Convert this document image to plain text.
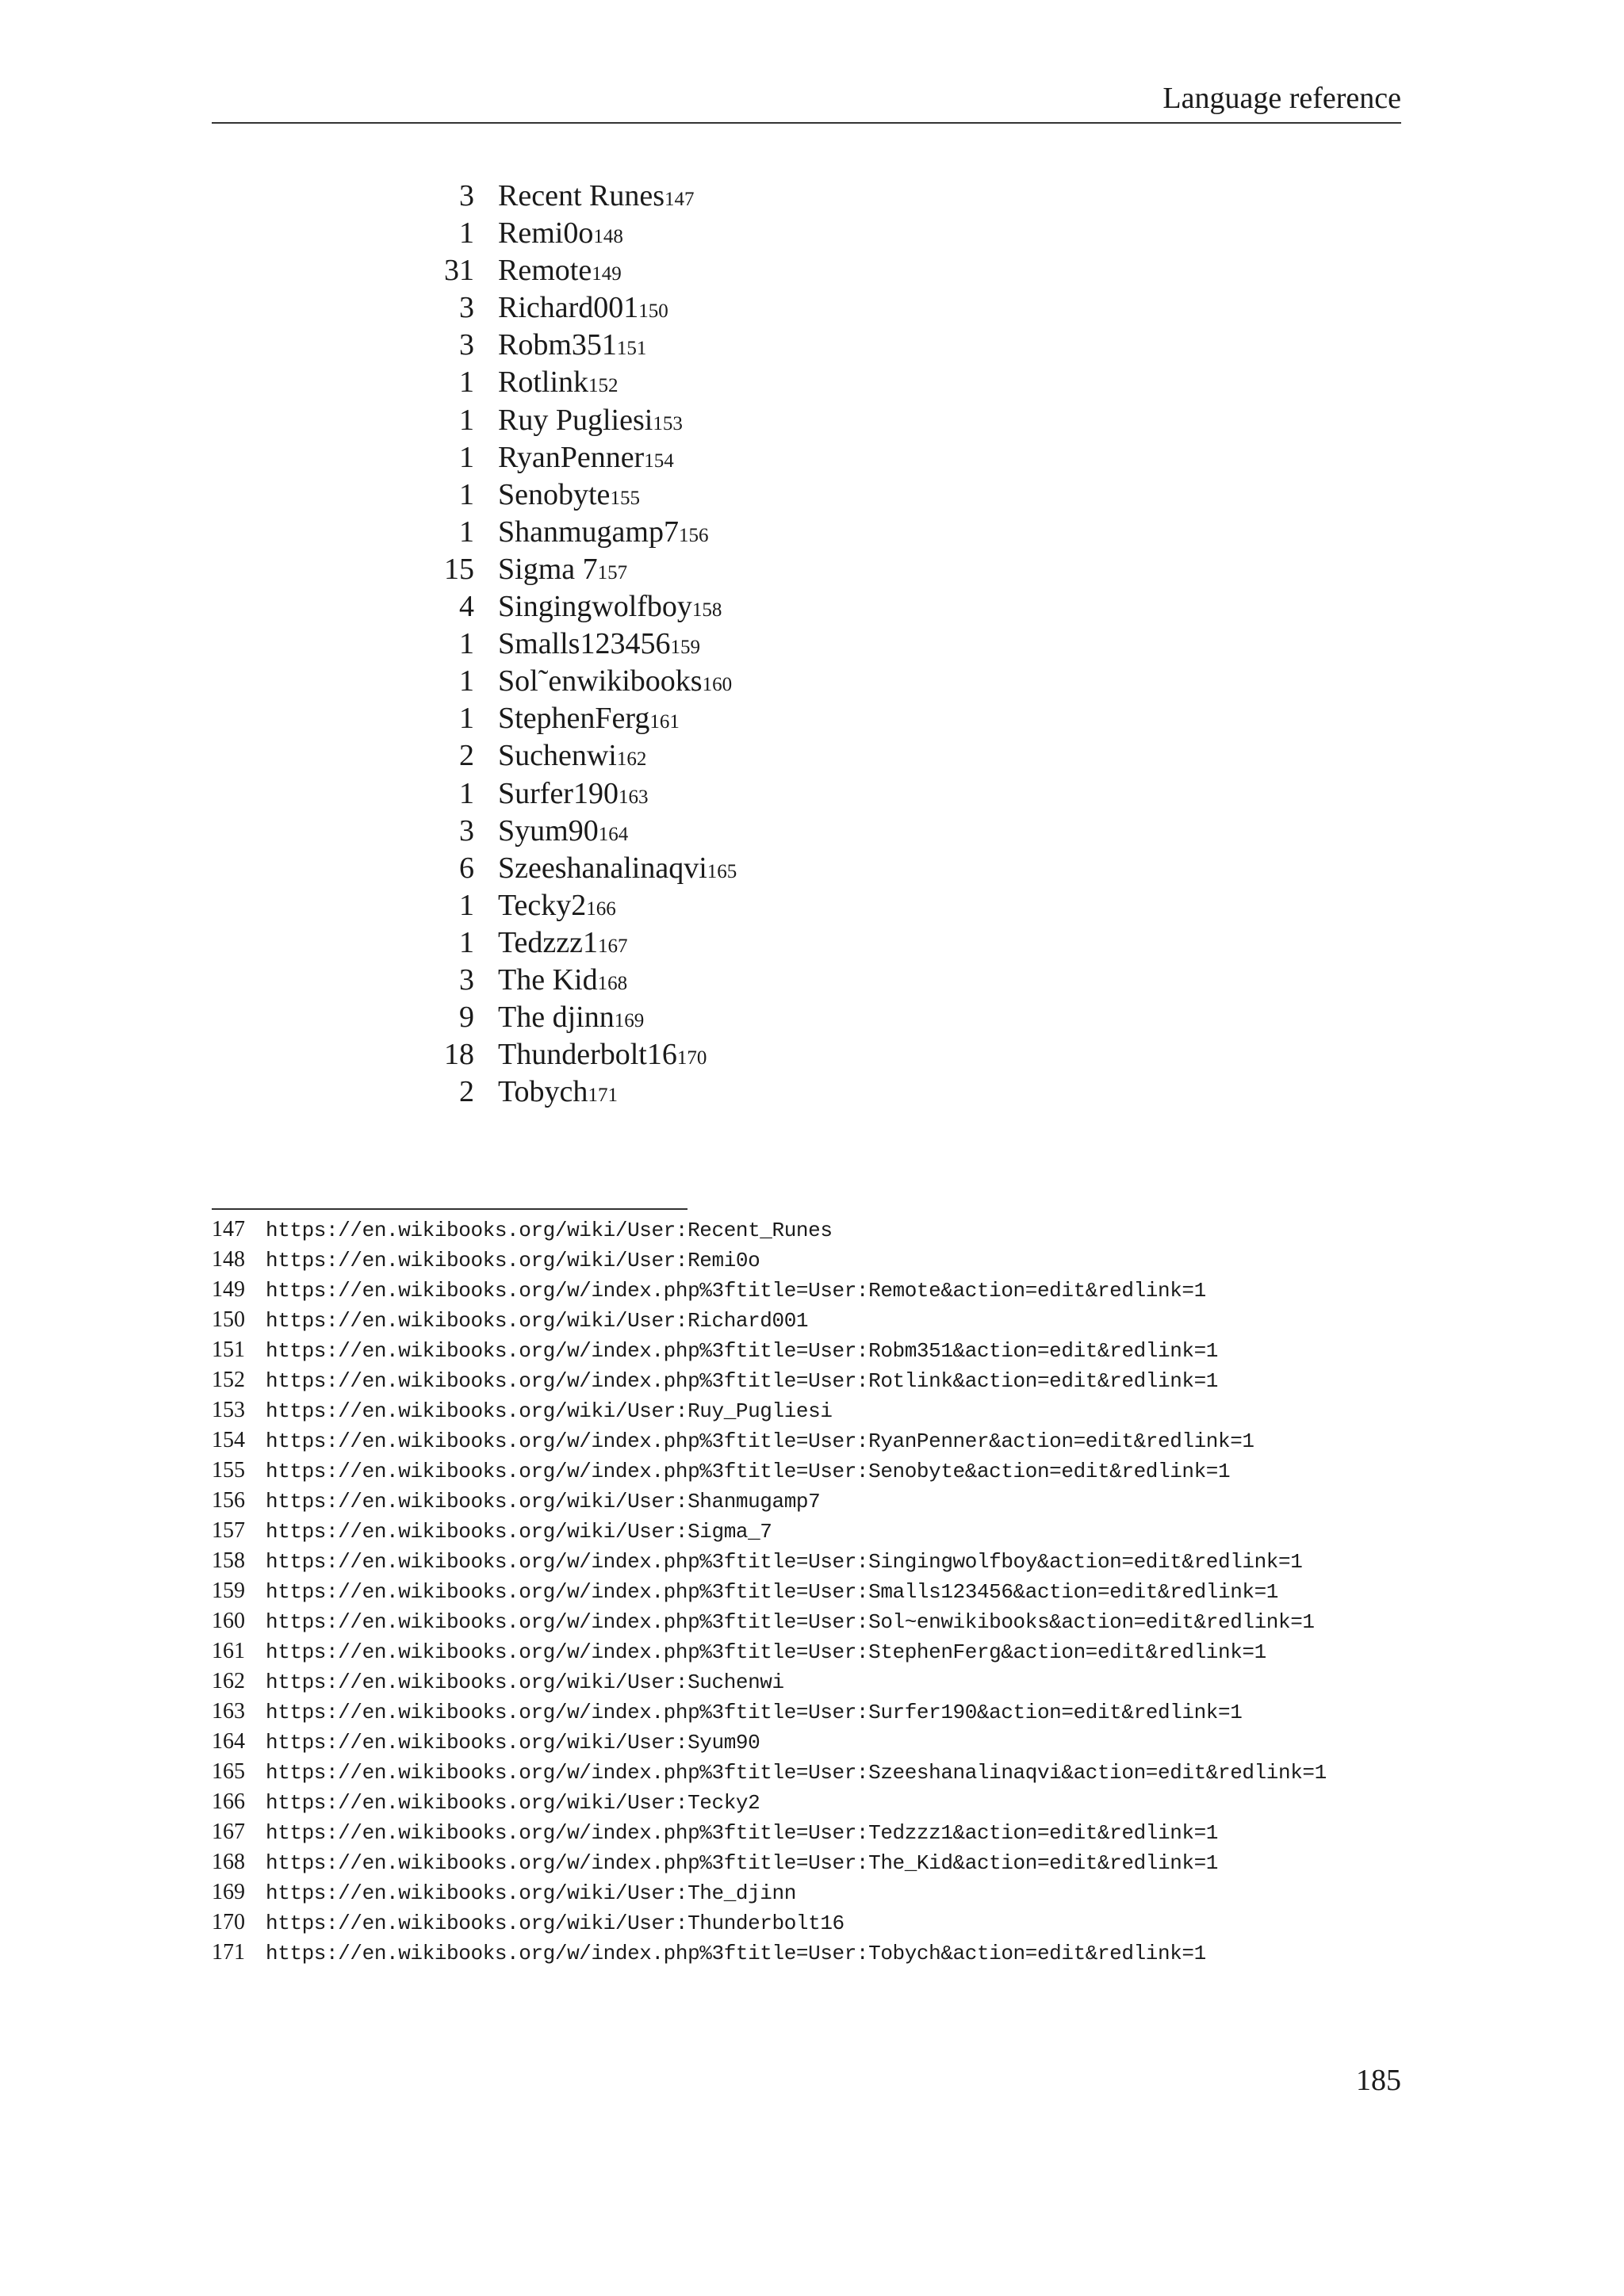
Language reference
3 Recent Runes 147
1 Remi0o 148
31 Remote 149
3 Richard001 150
3 Robm351 151
1 Rotlink 152
1 Ruy Pugliesi 153
1 RyanPenner 154
1 Senobyte 155
1 Shanmugamp7 156
15 Sigma 7 157
4 Singingwolfboy 158
1 Smalls123456 159
1 Sol˜enwikibooks 160
1 StephenFerg 161
2 Suchenwi 162
1 Surfer190 163
3 Syum90 164
6 Szeeshanalinaqvi 165
1 Tecky2 166
1 Tedzzz1 167
3 The Kid 168
9 The djinn 169
18 Thunderbolt16 170
2 Tobych 171
147	https://en.wikibooks.org/wiki/User:Recent_Runes
148	https://en.wikibooks.org/wiki/User:Remi0o
149	https://en.wikibooks.org/w/index.php%3ftitle=User:Remote&action=edit&redlink=1
150	https://en.wikibooks.org/wiki/User:Richard001
151	https://en.wikibooks.org/w/index.php%3ftitle=User:Robm351&action=edit&redlink=1
152	https://en.wikibooks.org/w/index.php%3ftitle=User:Rotlink&action=edit&redlink=1
153	https://en.wikibooks.org/wiki/User:Ruy_Pugliesi
154	https://en.wikibooks.org/w/index.php%3ftitle=User:RyanPenner&action=edit&redlink=1
155	https://en.wikibooks.org/w/index.php%3ftitle=User:Senobyte&action=edit&redlink=1
156	https://en.wikibooks.org/wiki/User:Shanmugamp7
157	https://en.wikibooks.org/wiki/User:Sigma_7
158	https://en.wikibooks.org/w/index.php%3ftitle=User:Singingwolfboy&action=edit&redlink=1
159	https://en.wikibooks.org/w/index.php%3ftitle=User:Smalls123456&action=edit&redlink=1
160	https://en.wikibooks.org/w/index.php%3ftitle=User:Sol~enwikibooks&action=edit&redlink=1
161	https://en.wikibooks.org/w/index.php%3ftitle=User:StephenFerg&action=edit&redlink=1
162	https://en.wikibooks.org/wiki/User:Suchenwi
163	https://en.wikibooks.org/w/index.php%3ftitle=User:Surfer190&action=edit&redlink=1
164	https://en.wikibooks.org/wiki/User:Syum90
165	https://en.wikibooks.org/w/index.php%3ftitle=User:Szeeshanalinaqvi&action=edit&redlink=1
166	https://en.wikibooks.org/wiki/User:Tecky2
167	https://en.wikibooks.org/w/index.php%3ftitle=User:Tedzzz1&action=edit&redlink=1
168	https://en.wikibooks.org/w/index.php%3ftitle=User:The_Kid&action=edit&redlink=1
169	https://en.wikibooks.org/wiki/User:The_djinn
170	https://en.wikibooks.org/wiki/User:Thunderbolt16
171	https://en.wikibooks.org/w/index.php%3ftitle=User:Tobych&action=edit&redlink=1
185
